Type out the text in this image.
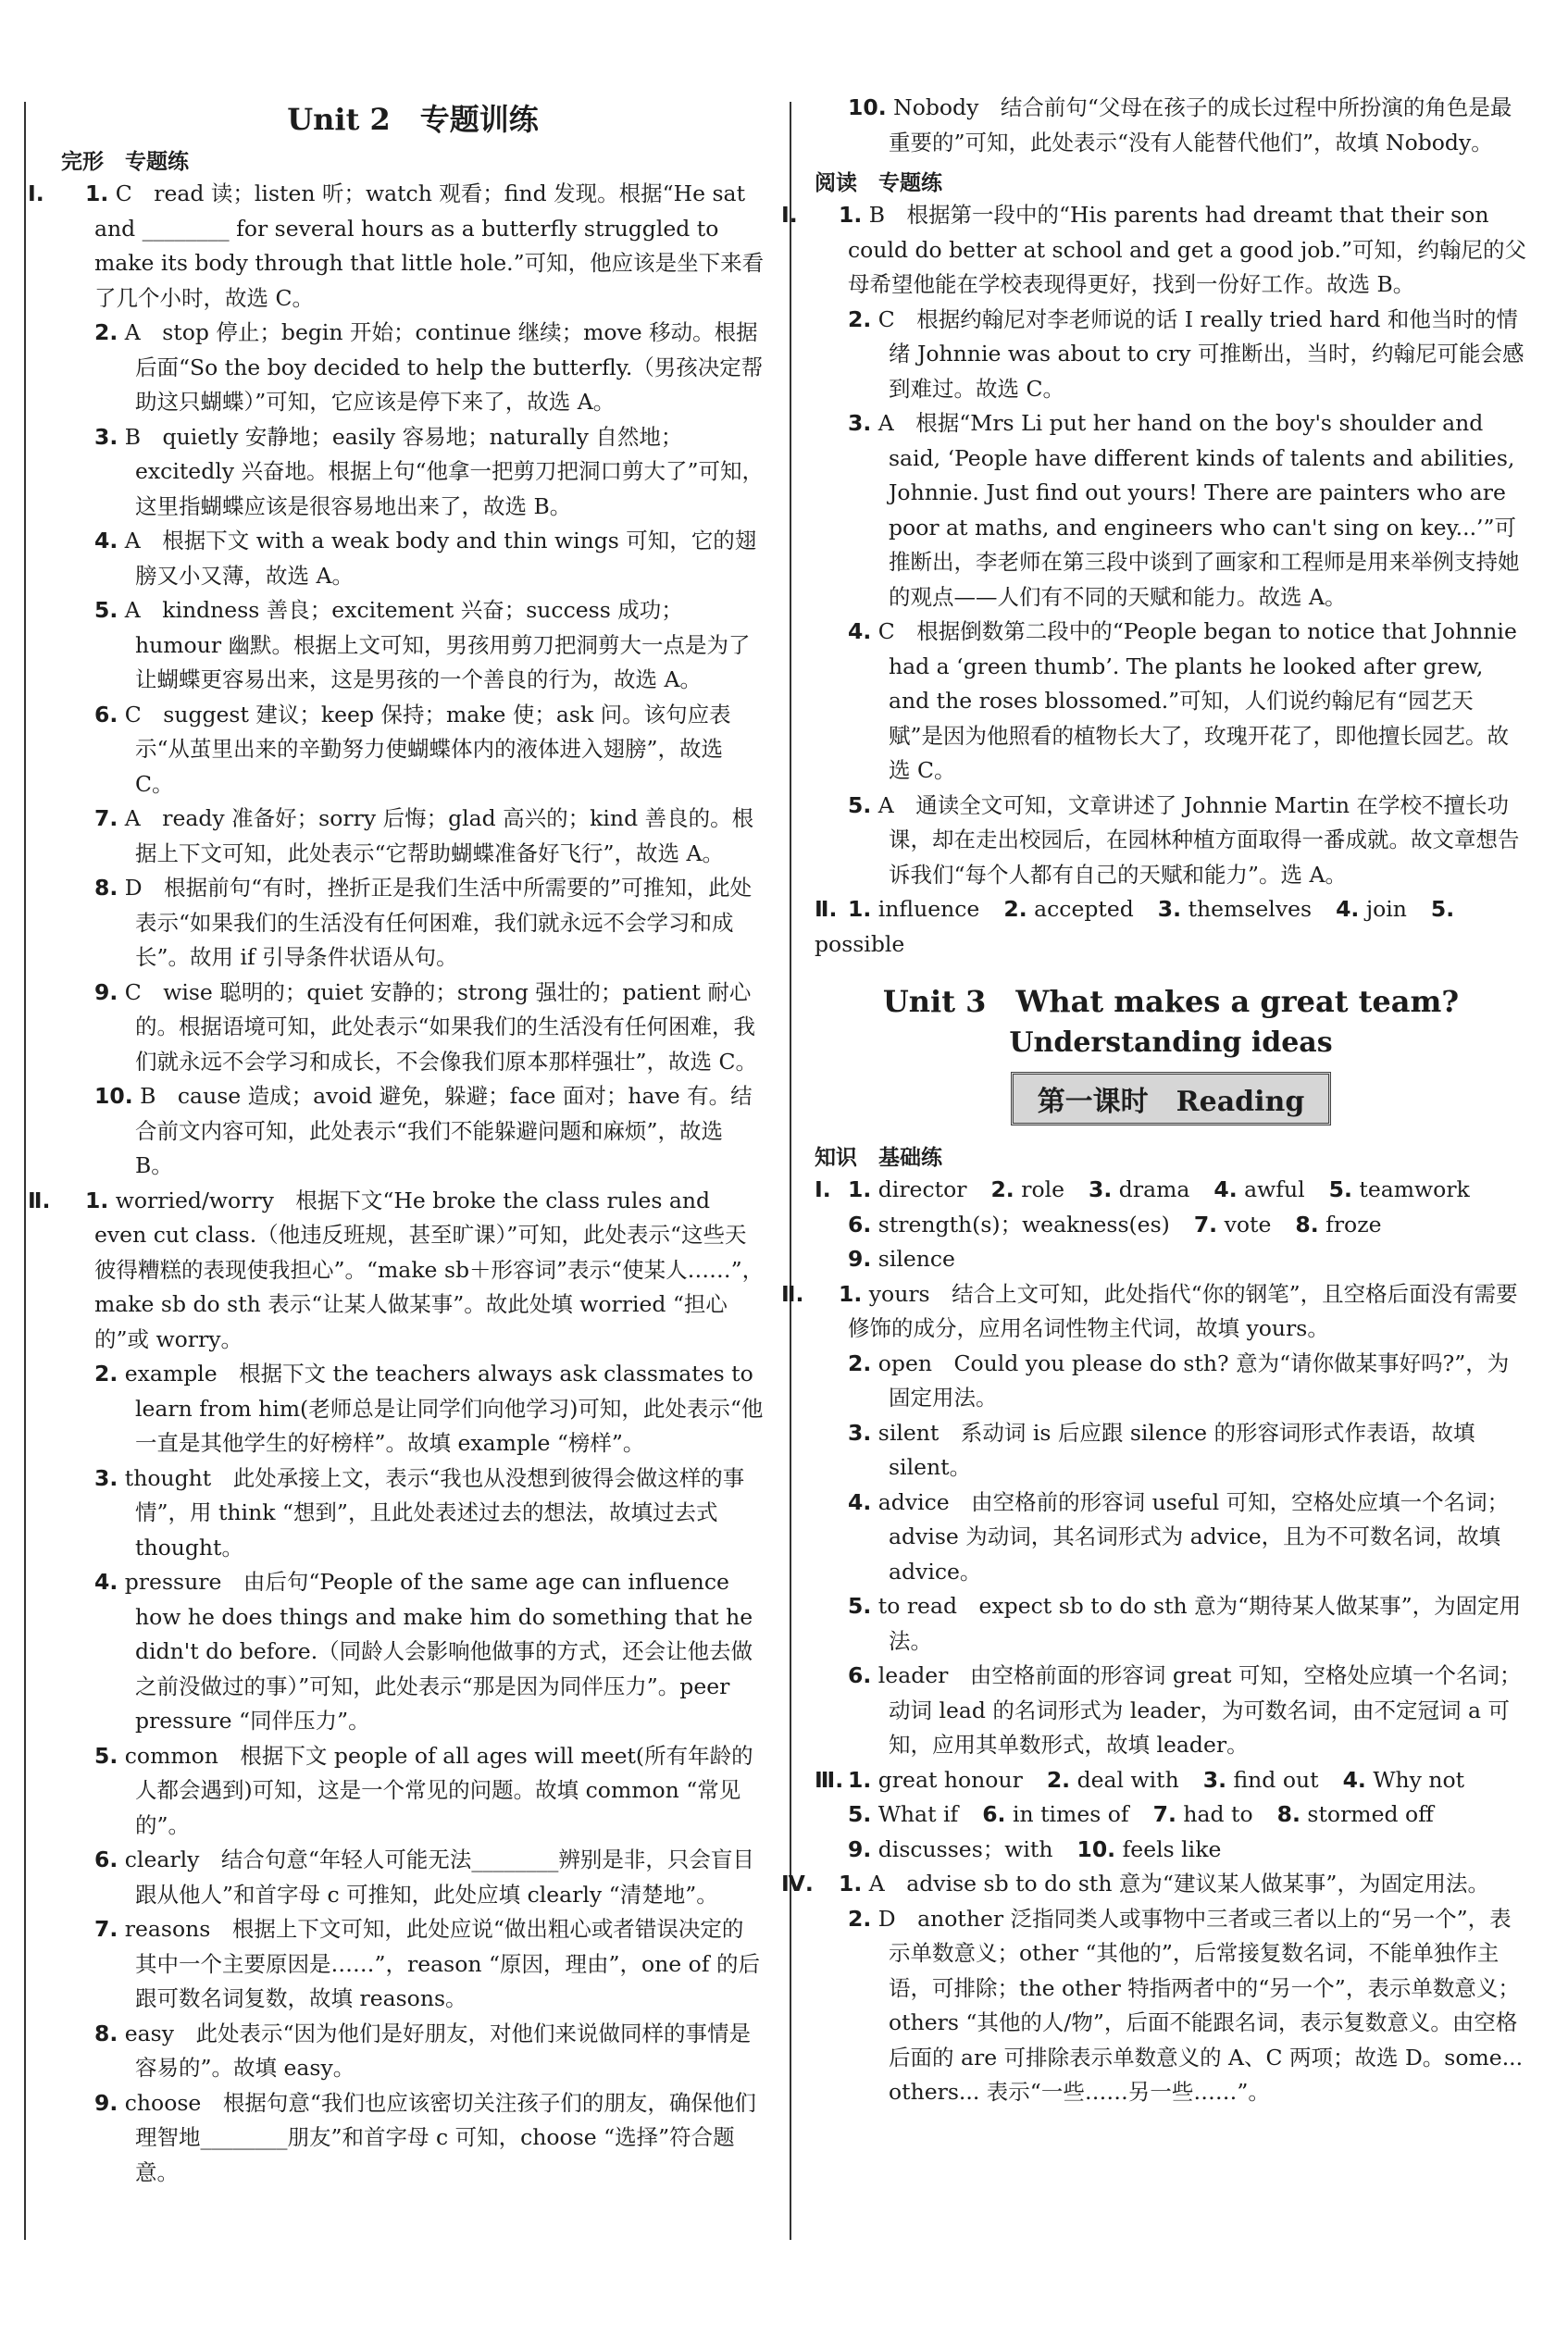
Unit 2　专题训练
完形　专题练

Ⅰ. 1. C　read 读；listen 听；watch 观看；find 发现。根据“He sat and ________ for several hours as a butterfly struggled to make its body through that little hole.”可知，他应该是坐下来看了几个小时，故选 C。

2. A　stop 停止；begin 开始；continue 继续；move 移动。根据后面“So the boy decided to help the butterfly.（男孩决定帮助这只蝴蝶）”可知，它应该是停下来了，故选 A。

3. B　quietly 安静地；easily 容易地；naturally 自然地；excitedly 兴奋地。根据上句“他拿一把剪刀把洞口剪大了”可知，这里指蝴蝶应该是很容易地出来了，故选 B。

4. A　根据下文 with a weak body and thin wings 可知，它的翅膀又小又薄，故选 A。

5. A　kindness 善良；excitement 兴奋；success 成功；humour 幽默。根据上文可知，男孩用剪刀把洞剪大一点是为了让蝴蝶更容易出来，这是男孩的一个善良的行为，故选 A。

6. C　suggest 建议；keep 保持；make 使；ask 问。该句应表示“从茧里出来的辛勤努力使蝴蝶体内的液体进入翅膀”，故选 C。

7. A　ready 准备好；sorry 后悔；glad 高兴的；kind 善良的。根据上下文可知，此处表示“它帮助蝴蝶准备好飞行”，故选 A。

8. D　根据前句“有时，挫折正是我们生活中所需要的”可推知，此处表示“如果我们的生活没有任何困难，我们就永远不会学习和成长”。故用 if 引导条件状语从句。

9. C　wise 聪明的；quiet 安静的；strong 强壮的；patient 耐心的。根据语境可知，此处表示“如果我们的生活没有任何困难，我们就永远不会学习和成长，不会像我们原本那样强壮”，故选 C。

10. B　cause 造成；avoid 避免，躲避；face 面对；have 有。结合前文内容可知，此处表示“我们不能躲避问题和麻烦”，故选 B。

Ⅱ. 1. worried/worry　根据下文“He broke the class rules and even cut class.（他违反班规，甚至旷课）”可知，此处表示“这些天彼得糟糕的表现使我担心”。“make sb＋形容词”表示“使某人……”，make sb do sth 表示“让某人做某事”。故此处填 worried “担心的”或 worry。

2. example　根据下文 the teachers always ask classmates to learn from him(老师总是让同学们向他学习)可知，此处表示“他一直是其他学生的好榜样”。故填 example “榜样”。

3. thought　此处承接上文，表示“我也从没想到彼得会做这样的事情”，用 think “想到”，且此处表述过去的想法，故填过去式 thought。

4. pressure　由后句“People of the same age can influence how he does things and make him do something that he didn't do before.（同龄人会影响他做事的方式，还会让他去做之前没做过的事）”可知，此处表示“那是因为同伴压力”。peer pressure “同伴压力”。

5. common　根据下文 people of all ages will meet(所有年龄的人都会遇到)可知，这是一个常见的问题。故填 common “常见的”。

6. clearly　结合句意“年轻人可能无法________辨别是非，只会盲目跟从他人”和首字母 c 可推知，此处应填 clearly “清楚地”。

7. reasons　根据上下文可知，此处应说“做出粗心或者错误决定的其中一个主要原因是……”，reason “原因，理由”，one of 的后跟可数名词复数，故填 reasons。

8. easy　此处表示“因为他们是好朋友，对他们来说做同样的事情是容易的”。故填 easy。

9. choose　根据句意“我们也应该密切关注孩子们的朋友，确保他们理智地________朋友”和首字母 c 可知，choose “选择”符合题意。

10. Nobody　结合前句“父母在孩子的成长过程中所扮演的角色是最重要的”可知，此处表示“没有人能替代他们”，故填 Nobody。

阅读　专题练

Ⅰ. 1. B　根据第一段中的“His parents had dreamt that their son could do better at school and get a good job.”可知，约翰尼的父母希望他能在学校表现得更好，找到一份好工作。故选 B。

2. C　根据约翰尼对李老师说的话 I really tried hard 和他当时的情绪 Johnnie was about to cry 可推断出，当时，约翰尼可能会感到难过。故选 C。

3. A　根据“Mrs Li put her hand on the boy's shoulder and said, ‘People have different kinds of talents and abilities, Johnnie. Just find out yours! There are painters who are poor at maths, and engineers who can't sing on key...’”可推断出，李老师在第三段中谈到了画家和工程师是用来举例支持她的观点——人们有不同的天赋和能力。故选 A。

4. C　根据倒数第二段中的“People began to notice that Johnnie had a ‘green thumb’. The plants he looked after grew, and the roses blossomed.”可知，人们说约翰尼有“园艺天赋”是因为他照看的植物长大了，玫瑰开花了，即他擅长园艺。故选 C。

5. A　通读全文可知，文章讲述了 Johnnie Martin 在学校不擅长功课，却在走出校园后，在园林种植方面取得一番成就。故文章想告诉我们“每个人都有自己的天赋和能力”。选 A。

Ⅱ. 1. influence 2. accepted 3. themselves 4. join 5. possible
Unit 3　What makes a great team?
Understanding ideas
第一课时　Reading
知识　基础练
Ⅰ. 1. director 2. role 3. drama 4. awful 5. teamwork
6. strength(s)；weakness(es) 7. vote 8. froze
9. silence

Ⅱ. 1. yours　结合上文可知，此处指代“你的钢笔”，且空格后面没有需要修饰的成分，应用名词性物主代词，故填 yours。

2. open　Could you please do sth? 意为“请你做某事好吗?”，为固定用法。

3. silent　系动词 is 后应跟 silence 的形容词形式作表语，故填 silent。

4. advice　由空格前的形容词 useful 可知，空格处应填一个名词；advise 为动词，其名词形式为 advice，且为不可数名词，故填 advice。

5. to read　expect sb to do sth 意为“期待某人做某事”，为固定用法。

6. leader　由空格前面的形容词 great 可知，空格处应填一个名词；动词 lead 的名词形式为 leader，为可数名词，由不定冠词 a 可知，应用其单数形式，故填 leader。

Ⅲ. 1. great honour 2. deal with 3. find out 4. Why not
5. What if 6. in times of 7. had to 8. stormed off
9. discusses；with 10. feels like

Ⅳ. 1. A　advise sb to do sth 意为“建议某人做某事”，为固定用法。

2. D　another 泛指同类人或事物中三者或三者以上的“另一个”，表示单数意义；other “其他的”，后常接复数名词，不能单独作主语，可排除；the other 特指两者中的“另一个”，表示单数意义；others “其他的人/物”，后面不能跟名词，表示复数意义。由空格后面的 are 可排除表示单数意义的 A、C 两项；故选 D。some... others... 表示“一些……另一些……”。
